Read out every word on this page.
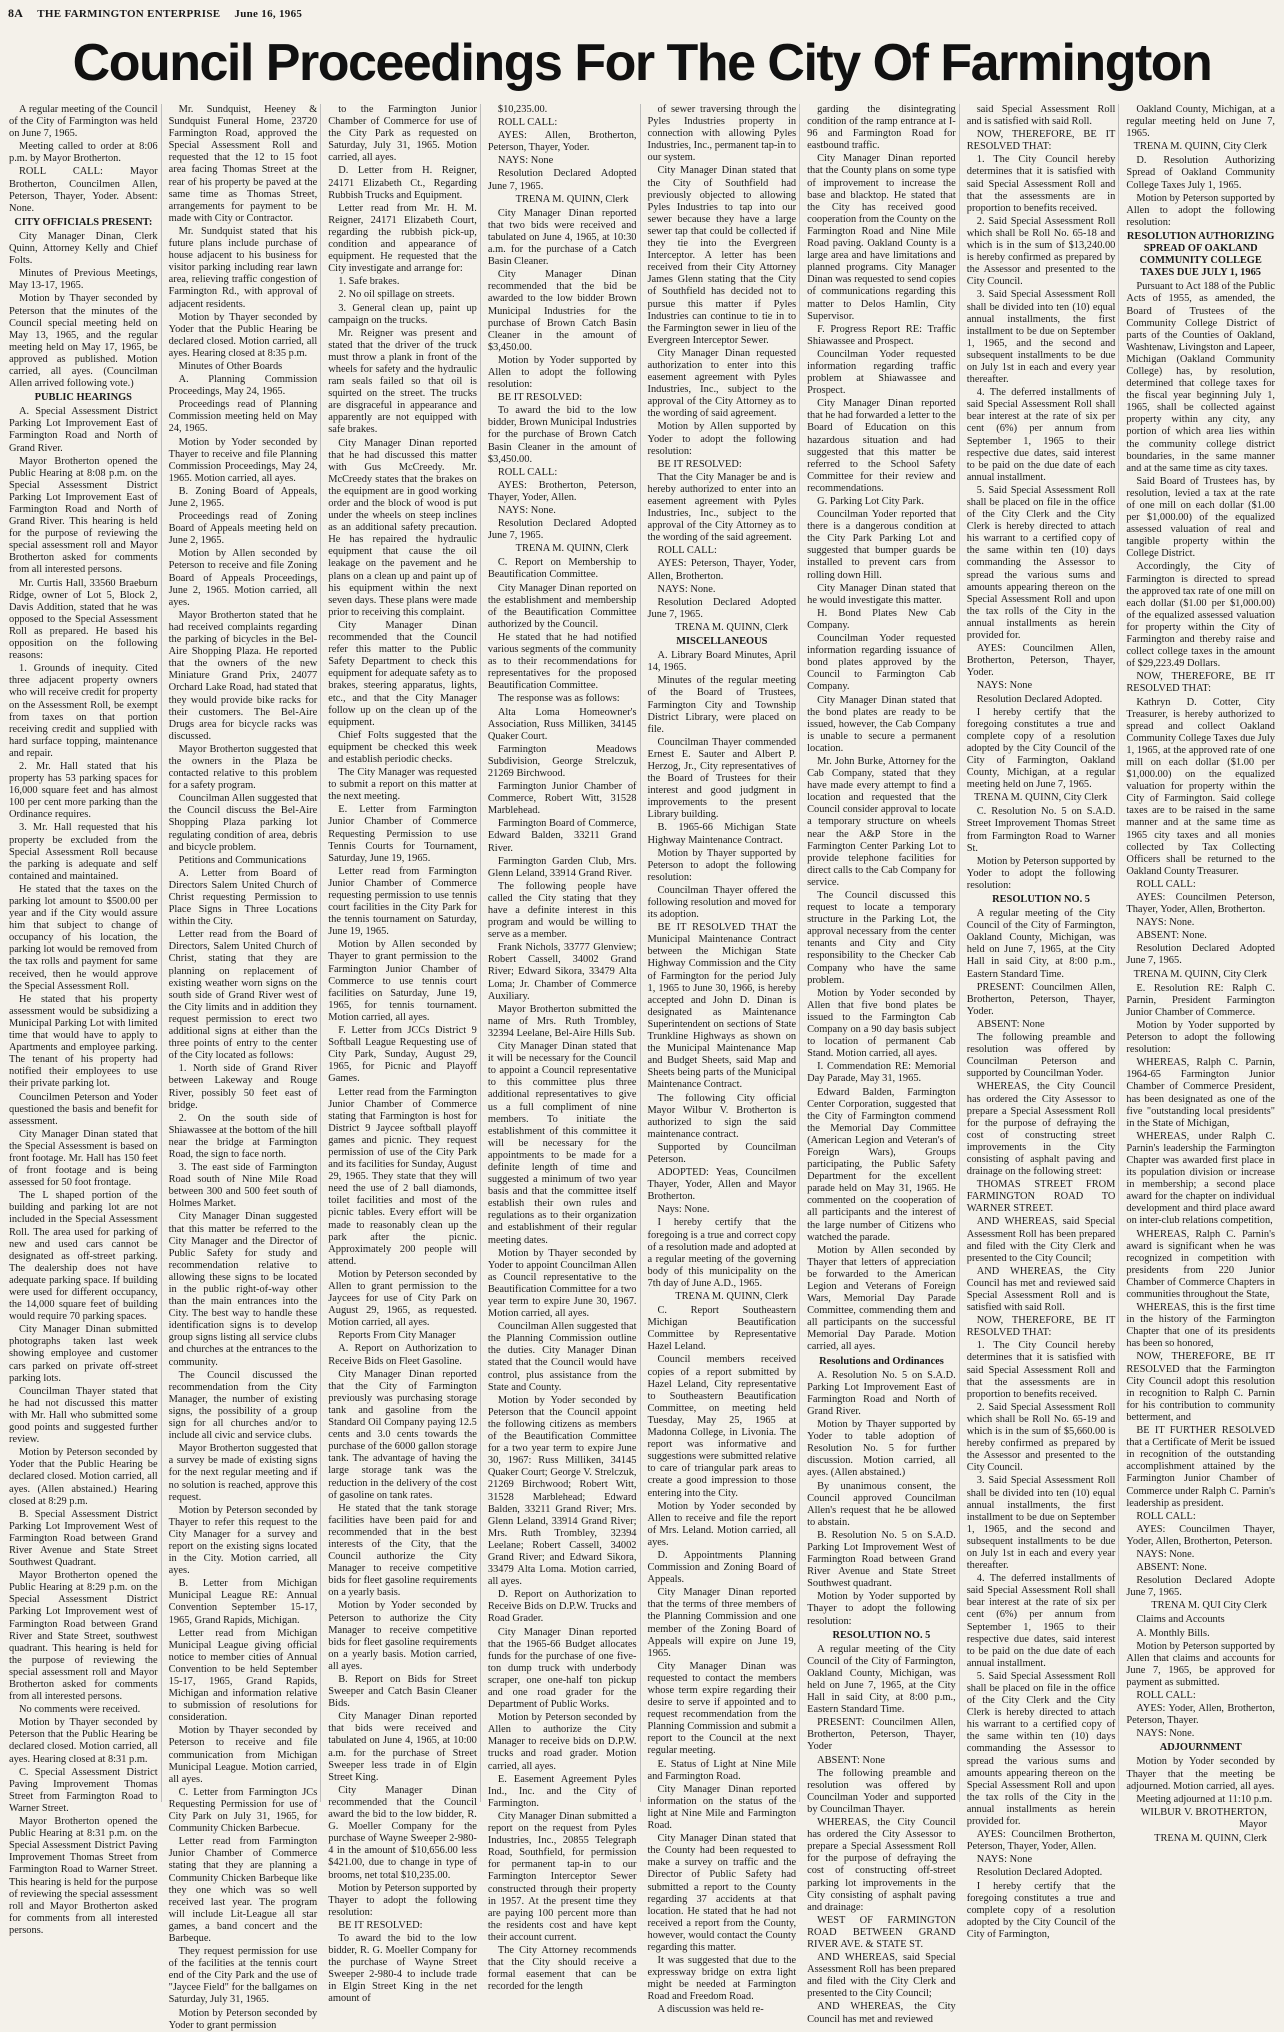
8A THE FARMINGTON ENTERPRISE June 16, 1965
Council Proceedings For The City Of Farmington

A regular meeting of the Council of the City of Farmington was held on June 7, 1965.

Meeting called to order at 8:06 p.m. by Mayor Brotherton.

ROLL CALL: Mayor Brotherton, Councilmen Allen, Peterson, Thayer, Yoder. Absent: None.

CITY OFFICIALS PRESENT:

City Manager Dinan, Clerk Quinn, Attorney Kelly and Chief Folts.

Minutes of Previous Meetings, May 13-17, 1965.

Motion by Thayer seconded by Peterson that the minutes of the Council special meeting held on May 13, 1965, and the regular meeting held on May 17, 1965, be approved as published. Motion carried, all ayes. (Councilman Allen arrived following vote.)

PUBLIC HEARINGS

A. Special Assessment District Parking Lot Improvement East of Farmington Road and North of Grand River.

Mayor Brotherton opened the Public Hearing at 8:08 p.m. on the Special Assessment District Parking Lot Improvement East of Farmington Road and North of Grand River. This hearing is held for the purpose of reviewing the special assessment roll and Mayor Brotherton asked for comments from all interested persons.

Mr. Curtis Hall, 33560 Braeburn Ridge, owner of Lot 5, Block 2, Davis Addition, stated that he was opposed to the Special Assessment Roll as prepared. He based his opposition on the following reasons:

1. Grounds of inequity. Cited three adjacent property owners who will receive credit for property on the Assessment Roll, be exempt from taxes on that portion receiving credit and supplied with hard surface topping, maintenance and repair.

2. Mr. Hall stated that his property has 53 parking spaces for 16,000 square feet and has almost 100 per cent more parking than the Ordinance requires.

3. Mr. Hall requested that his property be excluded from the Special Assessment Roll because the parking is adequate and self contained and maintained.

He stated that the taxes on the parking lot amount to $500.00 per year and if the City would assure him that subject to change of occupancy of his location, the parking lot would be removed from the tax rolls and payment for same received, then he would approve the Special Assessment Roll.

He stated that his property assessment would be subsidizing a Municipal Parking Lot with limited time that would have to apply to Apartments and employee parking. The tenant of his property had notified their employees to use their private parking lot.

Councilmen Peterson and Yoder questioned the basis and benefit for assessment.

City Manager Dinan stated that the Special Assessment is based on front footage. Mr. Hall has 150 feet of front footage and is being assessed for 50 foot frontage.

The L shaped portion of the building and parking lot are not included in the Special Assessment Roll. The area used for parking of new and used cars cannot be designated as off-street parking. The dealership does not have adequate parking space. If building were used for different occupancy, the 14,000 square feet of building would require 70 parking spaces.

City Manager Dinan submitted photographs taken last week showing employee and customer cars parked on private off-street parking lots.

Councilman Thayer stated that he had not discussed this matter with Mr. Hall who submitted some good points and suggested further review.

Motion by Peterson seconded by Yoder that the Public Hearing be declared closed. Motion carried, all ayes. (Allen abstained.) Hearing closed at 8:29 p.m.

B. Special Assessment District Parking Lot Improvement West of Farmington Road between Grand River Avenue and State Street Southwest Quadrant.

Mayor Brotherton opened the Public Hearing at 8:29 p.m. on the Special Assessment District Parking Lot Improvement west of Farmington Road between Grand River and State Street, southwest quadrant. This hearing is held for the purpose of reviewing the special assessment roll and Mayor Brotherton asked for comments from all interested persons.

No comments were received.

Motion by Thayer seconded by Peterson that the Public Hearing be declared closed. Motion carried, all ayes. Hearing closed at 8:31 p.m.

C. Special Assessment District Paving Improvement Thomas Street from Farmington Road to Warner Street.

Mayor Brotherton opened the Public Hearing at 8:31 p.m. on the Special Assessment District Paving Improvement Thomas Street from Farmington Road to Warner Street. This hearing is held for the purpose of reviewing the special assessment roll and Mayor Brotherton asked for comments from all interested persons.

Mr. Sundquist, Heeney & Sundquist Funeral Home, 23720 Farmington Road, approved the Special Assessment Roll and requested that the 12 to 15 foot area facing Thomas Street at the rear of his property be paved at the same time as Thomas Street, arrangements for payment to be made with City or Contractor.

Mr. Sundquist stated that his future plans include purchase of house adjacent to his business for visitor parking including rear lawn area, relieving traffic congestion of Farmington Rd., with approval of adjacent residents.

Motion by Thayer seconded by Yoder that the Public Hearing be declared closed. Motion carried, all ayes. Hearing closed at 8:35 p.m.

Minutes of Other Boards

A. Planning Commission Proceedings, May 24, 1965.

Proceedings read of Planning Commission meeting held on May 24, 1965.

Motion by Yoder seconded by Thayer to receive and file Planning Commission Proceedings, May 24, 1965. Motion carried, all ayes.

B. Zoning Board of Appeals, June 2, 1965.

Proceedings read of Zoning Board of Appeals meeting held on June 2, 1965.

Motion by Allen seconded by Peterson to receive and file Zoning Board of Appeals Proceedings, June 2, 1965. Motion carried, all ayes.

Mayor Brotherton stated that he had received complaints regarding the parking of bicycles in the Bel-Aire Shopping Plaza. He reported that the owners of the new Miniature Grand Prix, 24077 Orchard Lake Road, had stated that they would provide bike racks for their customers. The Bel-Aire Drugs area for bicycle racks was discussed.

Mayor Brotherton suggested that the owners in the Plaza be contacted relative to this problem for a safety program.

Councilman Allen suggested that the Council discuss the Bel-Aire Shopping Plaza parking lot regulating condition of area, debris and bicycle problem.

Petitions and Communications

A. Letter from Board of Directors Salem United Church of Christ requesting Permission to Place Signs in Three Locations within the City.

Letter read from the Board of Directors, Salem United Church of Christ, stating that they are planning on replacement of existing weather worn signs on the south side of Grand River west of the City limits and in addition they request permission to erect two additional signs at either than the three points of entry to the center of the City located as follows:

1. North side of Grand River between Lakeway and Rouge River, possibly 50 feet east of bridge.

2. On the south side of Shiawassee at the bottom of the hill near the bridge at Farmington Road, the sign to face north.

3. The east side of Farmington Road south of Nine Mile Road between 300 and 500 feet south of Holmes Market.

City Manager Dinan suggested that this matter be referred to the City Manager and the Director of Public Safety for study and recommendation relative to allowing these signs to be located in the public right-of-way other than the main entrances into the City. The best way to handle these identification signs is to develop group signs listing all service clubs and churches at the entrances to the community.

The Council discussed the recommendation from the City Manager, the number of existing signs, the possibility of a group sign for all churches and/or to include all civic and service clubs.

Mayor Brotherton suggested that a survey be made of existing signs for the next regular meeting and if no solution is reached, approve this request.

Motion by Peterson seconded by Thayer to refer this request to the City Manager for a survey and report on the existing signs located in the City. Motion carried, all ayes.

B. Letter from Michigan Municipal League RE: Annual Convention September 15-17, 1965, Grand Rapids, Michigan.

Letter read from Michigan Municipal League giving official notice to member cities of Annual Convention to be held September 15-17, 1965, Grand Rapids, Michigan and information relative to submission of resolutions for consideration.

Motion by Thayer seconded by Peterson to receive and file communication from Michigan Municipal League. Motion carried, all ayes.

C. Letter from Farmington JCs Requesting Permission for use of City Park on July 31, 1965, for Community Chicken Barbecue.

Letter read from Farmington Junior Chamber of Commerce stating that they are planning a Community Chicken Barbeque like they one which was so well received last year. The program will include Lit-League all star games, a band concert and the Barbeque.

They request permission for use of the facilities at the tennis court end of the City Park and the use of "Jaycee Field" for the ballgames on Saturday, July 31, 1965.

Motion by Peterson seconded by Yoder to grant permission

to the Farmington Junior Chamber of Commerce for use of the City Park as requested on Saturday, July 31, 1965. Motion carried, all ayes.

D. Letter from H. Reigner, 24171 Elizabeth Ct., Regarding Rubbish Trucks and Equipment.

Letter read from Mr. H. M. Reigner, 24171 Elizabeth Court, regarding the rubbish pick-up, condition and appearance of equipment. He requested that the City investigate and arrange for:

1. Safe brakes.

2. No oil spillage on streets.

3. General clean up, paint up campaign on the trucks.

Mr. Reigner was present and stated that the driver of the truck must throw a plank in front of the wheels for safety and the hydraulic ram seals failed so that oil is squirted on the street. The trucks are disgraceful in appearance and apparently are not equipped with safe brakes.

City Manager Dinan reported that he had discussed this matter with Gus McCreedy. Mr. McCreedy states that the brakes on the equipment are in good working order and the block of wood is put under the wheels on steep inclines as an additional safety precaution. He has repaired the hydraulic equipment that cause the oil leakage on the pavement and he plans on a clean up and paint up of his equipment within the next seven days. These plans were made prior to receiving this complaint.

City Manager Dinan recommended that the Council refer this matter to the Public Safety Department to check this equipment for adequate safety as to brakes, steering apparatus, lights, etc., and that the City Manager follow up on the clean up of the equipment.

Chief Folts suggested that the equipment be checked this week and establish periodic checks.

The City Manager was requested to submit a report on this matter at the next meeting.

E. Letter from Farmington Junior Chamber of Commerce Requesting Permission to use Tennis Courts for Tournament, Saturday, June 19, 1965.

Letter read from Farmington Junior Chamber of Commerce requesting permission to use tennis court facilities in the City Park for the tennis tournament on Saturday, June 19, 1965.

Motion by Allen seconded by Thayer to grant permission to the Farmington Junior Chamber of Commerce to use tennis court facilities on Saturday, June 19, 1965, for tennis tournament. Motion carried, all ayes.

F. Letter from JCCs District 9 Softball League Requesting use of City Park, Sunday, August 29, 1965, for Picnic and Playoff Games.

Letter read from the Farmington Junior Chamber of Commerce stating that Farmington is host for District 9 Jaycee softball playoff games and picnic. They request permission of use of the City Park and its facilities for Sunday, August 29, 1965. They state that they will need the use of 2 ball diamonds, toilet facilities and most of the picnic tables. Every effort will be made to reasonably clean up the park after the picnic. Approximately 200 people will attend.

Motion by Peterson seconded by Allen to grant permission to the Jaycees for use of City Park on August 29, 1965, as requested. Motion carried, all ayes.

Reports From City Manager

A. Report on Authorization to Receive Bids on Fleet Gasoline.

City Manager Dinan reported that the City of Farmington previously was purchasing storage tank and gasoline from the Standard Oil Company paying 12.5 cents and 3.0 cents towards the purchase of the 6000 gallon storage tank. The advantage of having the large storage tank was the reduction in the delivery of the cost of gasoline on tank rates.

He stated that the tank storage facilities have been paid for and recommended that in the best interests of the City, that the Council authorize the City Manager to receive competitive bids for fleet gasoline requirements on a yearly basis.

Motion by Yoder seconded by Peterson to authorize the City Manager to receive competitive bids for fleet gasoline requirements on a yearly basis. Motion carried, all ayes.

B. Report on Bids for Street Sweeper and Catch Basin Cleaner Bids.

City Manager Dinan reported that bids were received and tabulated on June 4, 1965, at 10:00 a.m. for the purchase of Street Sweeper less trade in of Elgin Street King.

City Manager Dinan recommended that the Council award the bid to the low bidder, R. G. Moeller Company for the purchase of Wayne Sweeper 2-980-4 in the amount of $10,656.00 less $421.00, due to change in type of brooms, net total $10,235.00.

Motion by Peterson supported by Thayer to adopt the following resolution:

BE IT RESOLVED:

To award the bid to the low bidder, R. G. Moeller Company for the purchase of Wayne Street Sweeper 2-980-4 to include trade in Elgin Street King in the net amount of

$10,235.00.

ROLL CALL:

AYES: Allen, Brotherton, Peterson, Thayer, Yoder.

NAYS: None

Resolution Declared Adopted June 7, 1965.

TRENA M. QUINN, Clerk

City Manager Dinan reported that two bids were received and tabulated on June 4, 1965, at 10:30 a.m. for the purchase of a Catch Basin Cleaner.

City Manager Dinan recommended that the bid be awarded to the low bidder Brown Municipal Industries for the purchase of Brown Catch Basin Cleaner in the amount of $3,450.00.

Motion by Yoder supported by Allen to adopt the following resolution:

BE IT RESOLVED:

To award the bid to the low bidder, Brown Municipal Industries for the purchase of Brown Catch Basin Cleaner in the amount of $3,450.00.

ROLL CALL:

AYES: Brotherton, Peterson, Thayer, Yoder, Allen.

NAYS: None.

Resolution Declared Adopted June 7, 1965.

TRENA M. QUINN, Clerk

C. Report on Membership to Beautification Committee.

City Manager Dinan reported on the establishment and membership of the Beautification Committee authorized by the Council.

He stated that he had notified various segments of the community as to their recommendations for representatives for the proposed Beautification Committee.

The response was as follows:

Alta Loma Homeowner's Association, Russ Milliken, 34145 Quaker Court.

Farmington Meadows Subdivision, George Strelczuk, 21269 Birchwood.

Farmington Junior Chamber of Commerce, Robert Witt, 31528 Marblehead.

Farmington Board of Commerce, Edward Balden, 33211 Grand River.

Farmington Garden Club, Mrs. Glenn Leland, 33914 Grand River.

The following people have called the City stating that they have a definite interest in this program and would be willing to serve as a member.

Frank Nichols, 33777 Glenview; Robert Cassell, 34002 Grand River; Edward Sikora, 33479 Alta Loma; Jr. Chamber of Commerce Auxiliary.

Mayor Brotherton submitted the name of Mrs. Ruth Trombley, 32394 Leelane, Bel-Aire Hills Sub.

City Manager Dinan stated that it will be necessary for the Council to appoint a Council representative to this committee plus three additional representatives to give us a full compliment of nine members. To initiate the establishment of this committee it will be necessary for the appointments to be made for a definite length of time and suggested a minimum of two year basis and that the committee itself establish their own rules and regulations as to their organization and establishment of their regular meeting dates.

Motion by Thayer seconded by Yoder to appoint Councilman Allen as Council representative to the Beautification Committee for a two year term to expire June 30, 1967. Motion carried, all ayes.

Councilman Allen suggested that the Planning Commission outline the duties. City Manager Dinan stated that the Council would have control, plus assistance from the State and County.

Motion by Yoder seconded by Peterson that the Council appoint the following citizens as members of the Beautification Committee for a two year term to expire June 30, 1967: Russ Milliken, 34145 Quaker Court; George V. Strelczuk, 21269 Birchwood; Robert Witt, 31528 Marblehead; Edward Balden, 33211 Grand River; Mrs. Glenn Leland, 33914 Grand River; Mrs. Ruth Trombley, 32394 Leelane; Robert Cassell, 34002 Grand River; and Edward Sikora, 33479 Alta Loma. Motion carried, all ayes.

D. Report on Authorization to Receive Bids on D.P.W. Trucks and Road Grader.

City Manager Dinan reported that the 1965-66 Budget allocates funds for the purchase of one five-ton dump truck with underbody scraper, one one-half ton pickup and one road grader for the Department of Public Works.

Motion by Peterson seconded by Allen to authorize the City Manager to receive bids on D.P.W. trucks and road grader. Motion carried, all ayes.

E. Easement Agreement Pyles Ind., Inc. and the City of Farmington.

City Manager Dinan submitted a report on the request from Pyles Industries, Inc., 20855 Telegraph Road, Southfield, for permission for permanent tap-in to our Farmington Interceptor Sewer constructed through their property in 1957. At the present time they are paying 100 percent more than the residents cost and have kept their account current.

The City Attorney recommends that the City should receive a formal easement that can be recorded for the length

of sewer traversing through the Pyles Industries property in connection with allowing Pyles Industries, Inc., permanent tap-in to our system.

City Manager Dinan stated that the City of Southfield had previously objected to allowing Pyles Industries to tap into our sewer because they have a large sewer tap that could be collected if they tie into the Evergreen Interceptor. A letter has been received from their City Attorney James Glenn stating that the City of Southfield has decided not to pursue this matter if Pyles Industries can continue to tie in to the Farmington sewer in lieu of the Evergreen Interceptor Sewer.

City Manager Dinan requested authorization to enter into this easement agreement with Pyles Industries, Inc., subject to the approval of the City Attorney as to the wording of said agreement.

Motion by Allen supported by Yoder to adopt the following resolution:

BE IT RESOLVED:

That the City Manager be and is hereby authorized to enter into an easement agreement with Pyles Industries, Inc., subject to the approval of the City Attorney as to the wording of the said agreement.

ROLL CALL:

AYES: Peterson, Thayer, Yoder, Allen, Brotherton.

NAYS: None.

Resolution Declared Adopted June 7, 1965.

TRENA M. QUINN, Clerk

MISCELLANEOUS

A. Library Board Minutes, April 14, 1965.

Minutes of the regular meeting of the Board of Trustees, Farmington City and Township District Library, were placed on file.

Councilman Thayer commended Ernest E. Sauter and Albert P. Herzog, Jr., City representatives of the Board of Trustees for their interest and good judgment in improvements to the present Library building.

B. 1965-66 Michigan State Highway Maintenance Contract.

Motion by Thayer supported by Peterson to adopt the following resolution:

Councilman Thayer offered the following resolution and moved for its adoption.

BE IT RESOLVED THAT the Municipal Maintenance Contract between the Michigan State Highway Commission and the City of Farmington for the period July 1, 1965 to June 30, 1966, is hereby accepted and John D. Dinan is designated as Maintenance Superintendent on sections of State Trunkline Highways as shown on the Municipal Maintenance Map and Budget Sheets, said Map and Sheets being parts of the Municipal Maintenance Contract.

The following City official Mayor Wilbur V. Brotherton is authorized to sign the said maintenance contract.

Supported by Councilman Peterson.

ADOPTED: Yeas, Councilmen Thayer, Yoder, Allen and Mayor Brotherton.

Nays: None.

I hereby certify that the foregoing is a true and correct copy of a resolution made and adopted at a regular meeting of the governing body of this municipality on the 7th day of June A.D., 1965.

TRENA M. QUINN, Clerk

C. Report Southeastern Michigan Beautification Committee by Representative Hazel Leland.

Council members received copies of a report submitted by Hazel Leland, City representative to Southeastern Beautification Committee, on meeting held Tuesday, May 25, 1965 at Madonna College, in Livonia. The report was informative and suggestions were submitted relative to care of triangular park areas to create a good impression to those entering into the City.

Motion by Yoder seconded by Allen to receive and file the report of Mrs. Leland. Motion carried, all ayes.

D. Appointments Planning Commission and Zoning Board of Appeals.

City Manager Dinan reported that the terms of three members of the Planning Commission and one member of the Zoning Board of Appeals will expire on June 19, 1965.

City Manager Dinan was requested to contact the members whose term expire regarding their desire to serve if appointed and to request recommendation from the Planning Commission and submit a report to the Council at the next regular meeting.

E. Status of Light at Nine Mile and Farmington Road.

City Manager Dinan reported information on the status of the light at Nine Mile and Farmington Road.

City Manager Dinan stated that the County had been requested to make a survey on traffic and the Director of Public Safety had submitted a report to the County regarding 37 accidents at that location. He stated that he had not received a report from the County, however, would contact the County regarding this matter.

It was suggested that due to the expressway bridge on extra light might be needed at Farmington Road and Freedom Road.

A discussion was held re-

garding the disintegrating condition of the ramp entrance at I-96 and Farmington Road for eastbound traffic.

City Manager Dinan reported that the County plans on some type of improvement to increase the base and blacktop. He stated that the City has received good cooperation from the County on the Farmington Road and Nine Mile Road paving. Oakland County is a large area and have limitations and planned programs. City Manager Dinan was requested to send copies of communications regarding this matter to Delos Hamlin, City Supervisor.

F. Progress Report RE: Traffic Shiawassee and Prospect.

Councilman Yoder requested information regarding traffic problem at Shiawassee and Prospect.

City Manager Dinan reported that he had forwarded a letter to the Board of Education on this hazardous situation and had suggested that this matter be referred to the School Safety Committee for their review and recommendations.

G. Parking Lot City Park.

Councilman Yoder reported that there is a dangerous condition at the City Park Parking Lot and suggested that bumper guards be installed to prevent cars from rolling down Hill.

City Manager Dinan stated that he would investigate this matter.

H. Bond Plates New Cab Company.

Councilman Yoder requested information regarding issuance of bond plates approved by the Council to Farmington Cab Company.

City Manager Dinan stated that the bond plates are ready to be issued, however, the Cab Company is unable to secure a permanent location.

Mr. John Burke, Attorney for the Cab Company, stated that they have made every attempt to find a location and requested that the Council consider approval to locate a temporary structure on wheels near the A&P Store in the Farmington Center Parking Lot to provide telephone facilities for direct calls to the Cab Company for service.

The Council discussed this request to locate a temporary structure in the Parking Lot, the approval necessary from the center tenants and City and City responsibility to the Checker Cab Company who have the same problem.

Motion by Yoder seconded by Allen that five bond plates be issued to the Farmington Cab Company on a 90 day basis subject to location of permanent Cab Stand. Motion carried, all ayes.

I. Commendation RE: Memorial Day Parade, May 31, 1965.

Edward Balden, Farmington Center Corporation, suggested that the City of Farmington commend the Memorial Day Committee (American Legion and Veteran's of Foreign Wars), Groups participating, the Public Safety Department for the excellent parade held on May 31, 1965. He commented on the cooperation of all participants and the interest of the large number of Citizens who watched the parade.

Motion by Allen seconded by Thayer that letters of appreciation be forwarded to the American Legion and Veterans of Foreign Wars, Memorial Day Parade Committee, commending them and all participants on the successful Memorial Day Parade. Motion carried, all ayes.

Resolutions and Ordinances

A. Resolution No. 5 on S.A.D. Parking Lot Improvement East of Farmington Road and North of Grand River.

Motion by Thayer supported by Yoder to table adoption of Resolution No. 5 for further discussion. Motion carried, all ayes. (Allen abstained.)

By unanimous consent, the Council approved Councilman Allen's request that he be allowed to abstain.

B. Resolution No. 5 on S.A.D. Parking Lot Improvement West of Farmington Road between Grand River Avenue and State Street Southwest quadrant.

Motion by Yoder supported by Thayer to adopt the following resolution:

RESOLUTION NO. 5

A regular meeting of the City Council of the City of Farmington, Oakland County, Michigan, was held on June 7, 1965, at the City Hall in said City, at 8:00 p.m., Eastern Standard Time.

PRESENT: Councilmen Allen, Brotherton, Peterson, Thayer, Yoder

ABSENT: None

The following preamble and resolution was offered by Councilman Yoder and supported by Councilman Thayer.

WHEREAS, the City Council has ordered the City Assessor to prepare a Special Assessment Roll for the purpose of defraying the cost of constructing off-street parking lot improvements in the City consisting of asphalt paving and drainage:

WEST OF FARMINGTON ROAD BETWEEN GRAND RIVER AVE. & STATE ST.

AND WHEREAS, said Special Assessment Roll has been prepared and filed with the City Clerk and presented to the City Council;

AND WHEREAS, the City Council has met and reviewed

said Special Assessment Roll and is satisfied with said Roll.

NOW, THEREFORE, BE IT RESOLVED THAT:

1. The City Council hereby determines that it is satisfied with said Special Assessment Roll and that the assessments are in proportion to benefits received.

2. Said Special Assessment Roll which shall be Roll No. 65-18 and which is in the sum of $13,240.00 is hereby confirmed as prepared by the Assessor and presented to the City Council.

3. Said Special Assessment Roll shall be divided into ten (10) equal annual installments, the first installment to be due on September 1, 1965, and the second and subsequent installments to be due on July 1st in each and every year thereafter.

4. The deferred installments of said Special Assessment Roll shall bear interest at the rate of six per cent (6%) per annum from September 1, 1965 to their respective due dates, said interest to be paid on the due date of each annual installment.

5. Said Special Assessment Roll shall be placed on file in the office of the City Clerk and the City Clerk is hereby directed to attach his warrant to a certified copy of the same within ten (10) days commanding the Assessor to spread the various sums and amounts appearing thereon on the Special Assessment Roll and upon the tax rolls of the City in the annual installments as herein provided for.

AYES: Councilmen Allen, Brotherton, Peterson, Thayer, Yoder.

NAYS: None

Resolution Declared Adopted.

I hereby certify that the foregoing constitutes a true and complete copy of a resolution adopted by the City Council of the City of Farmington, Oakland County, Michigan, at a regular meeting held on June 7, 1965.

TRENA M. QUINN, City Clerk

C. Resolution No. 5 on S.A.D. Street Improvement Thomas Street from Farmington Road to Warner St.

Motion by Peterson supported by Yoder to adopt the following resolution:

RESOLUTION NO. 5

A regular meeting of the City Council of the City of Farmington, Oakland County, Michigan, was held on June 7, 1965, at the City Hall in said City, at 8:00 p.m., Eastern Standard Time.

PRESENT: Councilmen Allen, Brotherton, Peterson, Thayer, Yoder.

ABSENT: None

The following preamble and resolution was offered by Councilman Peterson and supported by Councilman Yoder.

WHEREAS, the City Council has ordered the City Assessor to prepare a Special Assessment Roll for the purpose of defraying the cost of constructing street improvements in the City consisting of asphalt paving and drainage on the following street:

THOMAS STREET FROM FARMINGTON ROAD TO WARNER STREET.

AND WHEREAS, said Special Assessment Roll has been prepared and filed with the City Clerk and presented to the City Council;

AND WHEREAS, the City Council has met and reviewed said Special Assessment Roll and is satisfied with said Roll.

NOW, THEREFORE, BE IT RESOLVED THAT:

1. The City Council hereby determines that it is satisfied with said Special Assessment Roll and that the assessments are in proportion to benefits received.

2. Said Special Assessment Roll which shall be Roll No. 65-19 and which is in the sum of $5,660.00 is hereby confirmed as prepared by the Assessor and presented to the City Council.

3. Said Special Assessment Roll shall be divided into ten (10) equal annual installments, the first installment to be due on September 1, 1965, and the second and subsequent installments to be due on July 1st in each and every year thereafter.

4. The deferred installments of said Special Assessment Roll shall bear interest at the rate of six per cent (6%) per annum from September 1, 1965 to their respective due dates, said interest to be paid on the due date of each annual installment.

5. Said Special Assessment Roll shall be placed on file in the office of the City Clerk and the City Clerk is hereby directed to attach his warrant to a certified copy of the same within ten (10) days commanding the Assessor to spread the various sums and amounts appearing thereon on the Special Assessment Roll and upon the tax rolls of the City in the annual installments as herein provided for.

AYES: Councilmen Brotherton, Peterson, Thayer, Yoder, Allen.

NAYS: None

Resolution Declared Adopted.

I hereby certify that the foregoing constitutes a true and complete copy of a resolution adopted by the City Council of the City of Farmington,

Oakland County, Michigan, at a regular meeting held on June 7, 1965.

TRENA M. QUINN, City Clerk

D. Resolution Authorizing Spread of Oakland Community College Taxes July 1, 1965.

Motion by Peterson supported by Allen to adopt the following resolution:

RESOLUTION AUTHORIZING SPREAD OF OAKLAND COMMUNITY COLLEGE TAXES DUE JULY 1, 1965

Pursuant to Act 188 of the Public Acts of 1955, as amended, the Board of Trustees of the Community College District of parts of the Counties of Oakland, Washtenaw, Livingston and Lapeer, Michigan (Oakland Community College) has, by resolution, determined that college taxes for the fiscal year beginning July 1, 1965, shall be collected against property within any city, any portion of which area lies within the community college district boundaries, in the same manner and at the same time as city taxes.

Said Board of Trustees has, by resolution, levied a tax at the rate of one mill on each dollar ($1.00 per $1,000.00) of the equalized assessed valuation of real and tangible property within the College District.

Accordingly, the City of Farmington is directed to spread the approved tax rate of one mill on each dollar ($1.00 per $1,000.00) of the equalized assessed valuation for property within the City of Farmington and thereby raise and collect college taxes in the amount of $29,223.49 Dollars.

NOW, THEREFORE, BE IT RESOLVED THAT:

Kathryn D. Cotter, City Treasurer, is hereby authorized to spread and collect Oakland Community College Taxes due July 1, 1965, at the approved rate of one mill on each dollar ($1.00 per $1,000.00) on the equalized valuation for property within the City of Farmington. Said college taxes are to be raised in the same manner and at the same time as 1965 city taxes and all monies collected by Tax Collecting Officers shall be returned to the Oakland County Treasurer.

ROLL CALL:

AYES: Councilmen Peterson, Thayer, Yoder, Allen, Brotherton.

NAYS: None.

ABSENT: None.

Resolution Declared Adopted June 7, 1965.

TRENA M. QUINN, City Clerk

E. Resolution RE: Ralph C. Parnin, President Farmington Junior Chamber of Commerce.

Motion by Yoder supported by Peterson to adopt the following resolution:

WHEREAS, Ralph C. Parnin, 1964-65 Farmington Junior Chamber of Commerce President, has been designated as one of the five "outstanding local presidents" in the State of Michigan,

WHEREAS, under Ralph C. Parnin's leadership the Farmington Chapter was awarded first place in its population division or increase in membership; a second place award for the chapter on individual development and third place award on inter-club relations competition,

WHEREAS, Ralph C. Parnin's award is significant when he was recognized in competition with presidents from 220 Junior Chamber of Commerce Chapters in communities throughout the State,

WHEREAS, this is the first time in the history of the Farmington Chapter that one of its presidents has been so honored,

NOW, THEREFORE, BE IT RESOLVED that the Farmington City Council adopt this resolution in recognition to Ralph C. Parnin for his contribution to community betterment, and

BE IT FURTHER RESOLVED that a Certificate of Merit be issued in recognition of the outstanding accomplishment attained by the Farmington Junior Chamber of Commerce under Ralph C. Parnin's leadership as president.

ROLL CALL:

AYES: Councilmen Thayer, Yoder, Allen, Brotherton, Peterson.

NAYS: None.

ABSENT: None.

Resolution Declared Adopte June 7, 1965.

TRENA M. QUI City Clerk

Claims and Accounts

A. Monthly Bills.

Motion by Peterson supported by Allen that claims and accounts for June 7, 1965, be approved for payment as submitted.

ROLL CALL:

AYES: Yoder, Allen, Brotherton, Peterson, Thayer.

NAYS: None.

ADJOURNMENT

Motion by Yoder seconded by Thayer that the meeting be adjourned. Motion carried, all ayes.

Meeting adjourned at 11:10 p.m.

WILBUR V. BROTHERTON, Mayor

TRENA M. QUINN, Clerk
